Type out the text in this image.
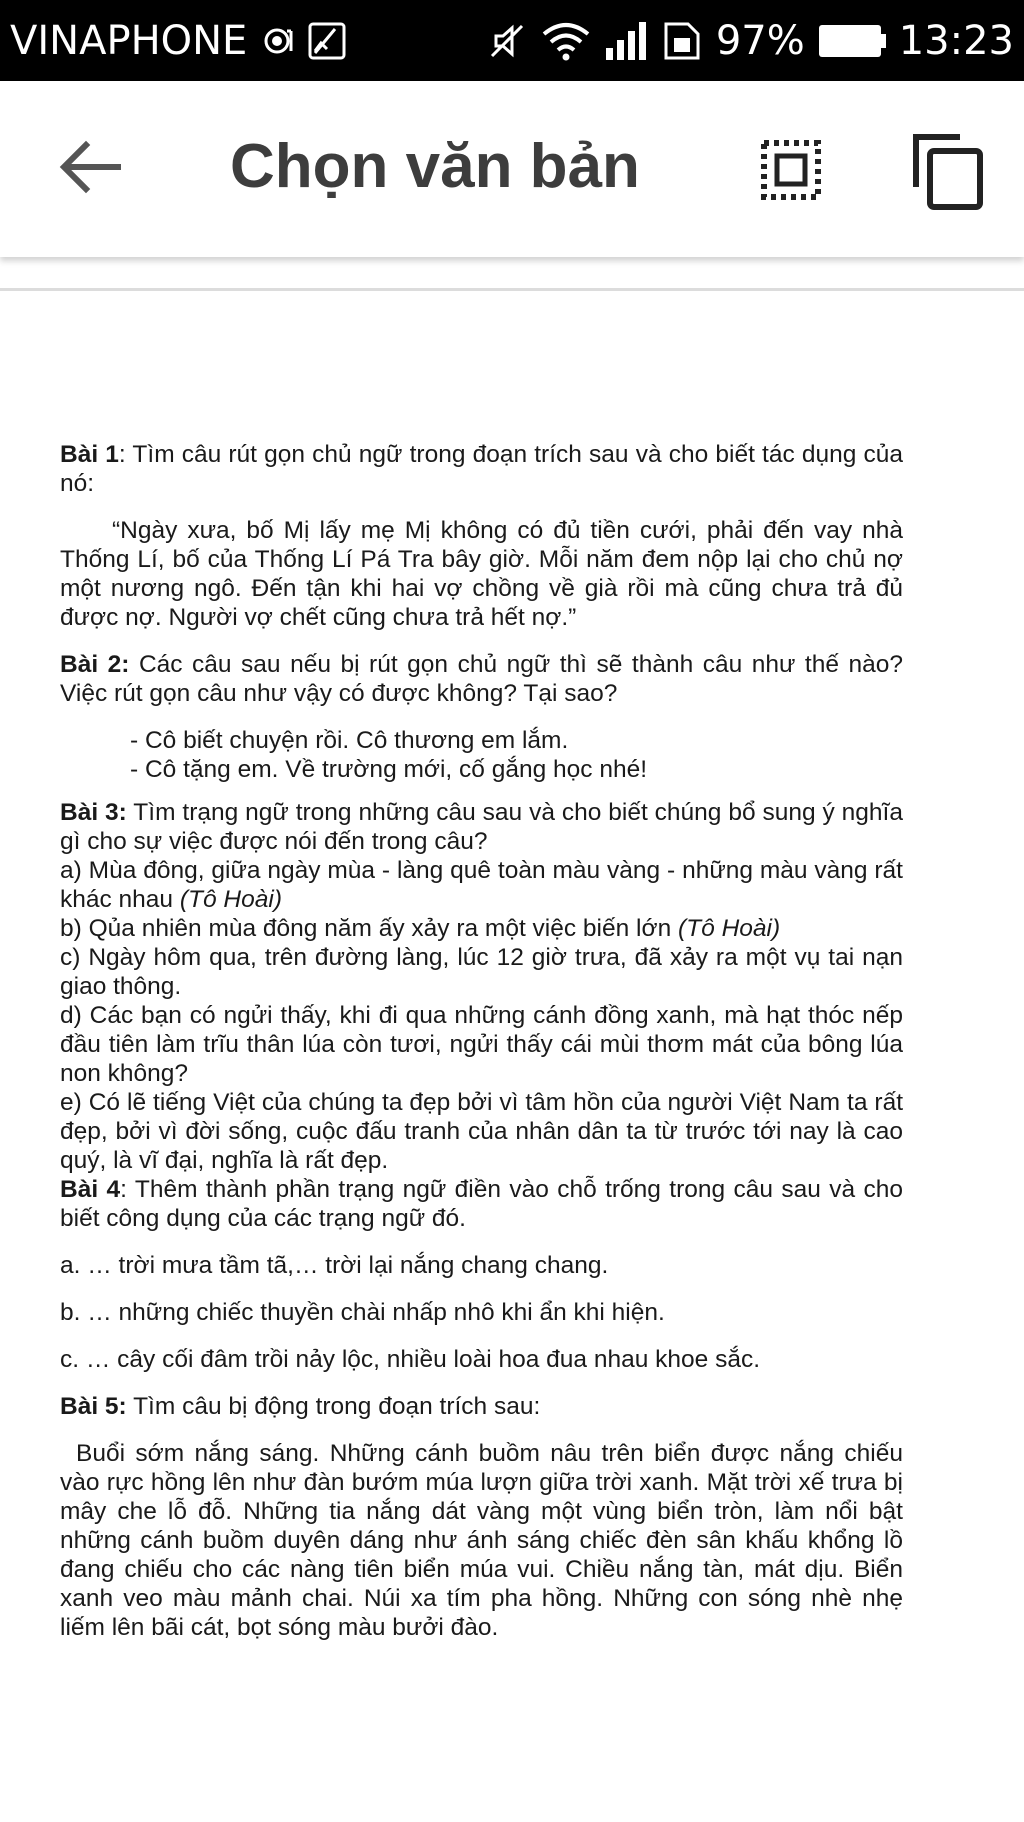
VINAPHONE	97% 13:23
Chọn văn bản

Bài 1: Tìm câu rút gọn chủ ngữ trong đoạn trích sau và cho biết tác dụng của nó:

“Ngày xưa, bố Mị lấy mẹ Mị không có đủ tiền cưới, phải đến vay nhà Thống Lí, bố của Thống Lí Pá Tra bây giờ. Mỗi năm đem nộp lại cho chủ nợ một nương ngô. Đến tận khi hai vợ chồng về già rồi mà cũng chưa trả đủ được nợ. Người vợ chết cũng chưa trả hết nợ.”

Bài 2: Các câu sau nếu bị rút gọn chủ ngữ thì sẽ thành câu như thế nào? Việc rút gọn câu như vậy có được không? Tại sao?

- Cô biết chuyện rồi. Cô thương em lắm.

- Cô tặng em. Về trường mới, cố gắng học nhé!

Bài 3: Tìm trạng ngữ trong những câu sau và cho biết chúng bổ sung ý nghĩa gì cho sự việc được nói đến trong câu?

a) Mùa đông, giữa ngày mùa - làng quê toàn màu vàng - những màu vàng rất khác nhau (Tô Hoài)

b) Qủa nhiên mùa đông năm ấy xảy ra một việc biến lớn (Tô Hoài)

c) Ngày hôm qua, trên đường làng, lúc 12 giờ trưa, đã xảy ra một vụ tai nạn giao thông.

d) Các bạn có ngửi thấy, khi đi qua những cánh đồng xanh, mà hạt thóc nếp đầu tiên làm trĩu thân lúa còn tươi, ngửi thấy cái mùi thơm mát của bông lúa non không?

e) Có lẽ tiếng Việt của chúng ta đẹp bởi vì tâm hồn của người Việt Nam ta rất đẹp, bởi vì đời sống, cuộc đấu tranh của nhân dân ta từ trước tới nay là cao quý, là vĩ đại, nghĩa là rất đẹp.

Bài 4: Thêm thành phần trạng ngữ điền vào chỗ trống trong câu sau và cho biết công dụng của các trạng ngữ đó.

a. … trời mưa tầm tã,… trời lại nắng chang chang.

b. … những chiếc thuyền chài nhấp nhô khi ẩn khi hiện.

c. … cây cối đâm trồi nảy lộc, nhiều loài hoa đua nhau khoe sắc.

Bài 5: Tìm câu bị động trong đoạn trích sau:

Buổi sớm nắng sáng. Những cánh buồm nâu trên biển được nắng chiếu vào rực hồng lên như đàn bướm múa lượn giữa trời xanh. Mặt trời xế trưa bị mây che lỗ đỗ. Những tia nắng dát vàng một vùng biển tròn, làm nổi bật những cánh buồm duyên dáng như ánh sáng chiếc đèn sân khấu khổng lồ đang chiếu cho các nàng tiên biển múa vui. Chiều nắng tàn, mát dịu. Biển xanh veo màu mảnh chai. Núi xa tím pha hồng. Những con sóng nhè nhẹ liếm lên bãi cát, bọt sóng màu bưởi đào.
